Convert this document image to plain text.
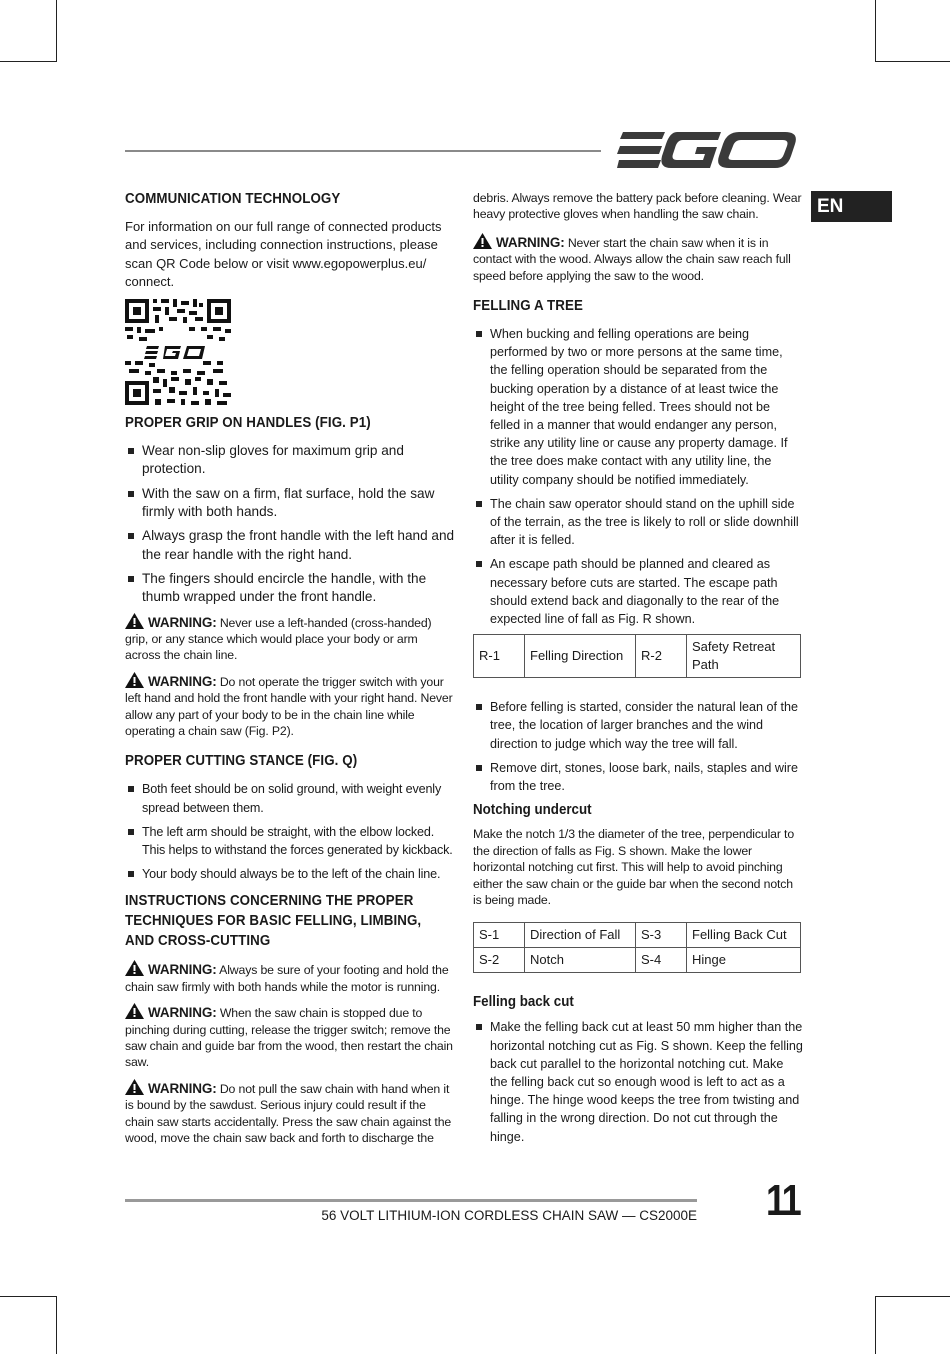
EN
COMMUNICATION TECHNOLOGY

For information on our full range of connected products and services, including connection instructions, please scan QR Code below or visit www.egopowerplus.eu/ connect.

PROPER GRIP ON HANDLES (FIG. P1)
Wear non-slip gloves for maximum grip and protection.
With the saw on a firm, flat surface, hold the saw firmly with both hands.
Always grasp the front handle with the left hand and the rear handle with the right hand.
The fingers should encircle the handle, with the thumb wrapped under the front handle.

WARNING: Never use a left-handed (cross-handed) grip, or any stance which would place your body or arm across the chain line.

WARNING: Do not operate the trigger switch with your left hand and hold the front handle with your right hand. Never allow any part of your body to be in the chain line while operating a chain saw (Fig. P2).

PROPER CUTTING STANCE (FIG. Q)
Both feet should be on solid ground, with weight evenly spread between them.
The left arm should be straight, with the elbow locked. This helps to withstand the forces generated by kickback.
Your body should always be to the left of the chain line.
INSTRUCTIONS CONCERNING THE PROPER TECHNIQUES FOR BASIC FELLING, LIMBING, AND CROSS-CUTTING

WARNING: Always be sure of your footing and hold the chain saw firmly with both hands while the motor is running.

WARNING: When the saw chain is stopped due to pinching during cutting, release the trigger switch; remove the saw chain and guide bar from the wood, then restart the chain saw.

WARNING: Do not pull the saw chain with hand when it is bound by the sawdust. Serious injury could result if the chain saw starts accidentally. Press the saw chain against the wood, move the chain saw back and forth to discharge the

debris. Always remove the battery pack before cleaning. Wear heavy protective gloves when handling the saw chain.

WARNING: Never start the chain saw when it is in contact with the wood. Always allow the chain saw reach full speed before applying the saw to the wood.

FELLING A TREE
When bucking and felling operations are being performed by two or more persons at the same time, the felling operation should be separated from the bucking operation by a distance of at least twice the height of the tree being felled. Trees should not be felled in a manner that would endanger any person, strike any utility line or cause any property damage. If the tree does make contact with any utility line, the utility company should be notified immediately.
The chain saw operator should stand on the uphill side of the terrain, as the tree is likely to roll or slide downhill after it is felled.
An escape path should be planned and cleared as necessary before cuts are started. The escape path should extend back and diagonally to the rear of the expected line of fall as Fig. R shown.
R-1	Felling Direction	R-2	Safety Retreat Path
Before felling is started, consider the natural lean of the tree, the location of larger branches and the wind direction to judge which way the tree will fall.
Remove dirt, stones, loose bark, nails, staples and wire from the tree.
Notching undercut

Make the notch 1/3 the diameter of the tree, perpendicular to the direction of falls as Fig. S shown. Make the lower horizontal notching cut first. This will help to avoid pinching either the saw chain or the guide bar when the second notch is being made.

S-1	Direction of Fall	S-3	Felling Back Cut
S-2	Notch	S-4	Hinge
Felling back cut
Make the felling back cut at least 50 mm higher than the horizontal notching cut as Fig. S shown. Keep the felling back cut parallel to the horizontal notching cut. Make the felling back cut so enough wood is left to act as a hinge. The hinge wood keeps the tree from twisting and falling in the wrong direction. Do not cut through the hinge.
56 VOLT LITHIUM-ION CORDLESS CHAIN SAW — CS2000E 11
